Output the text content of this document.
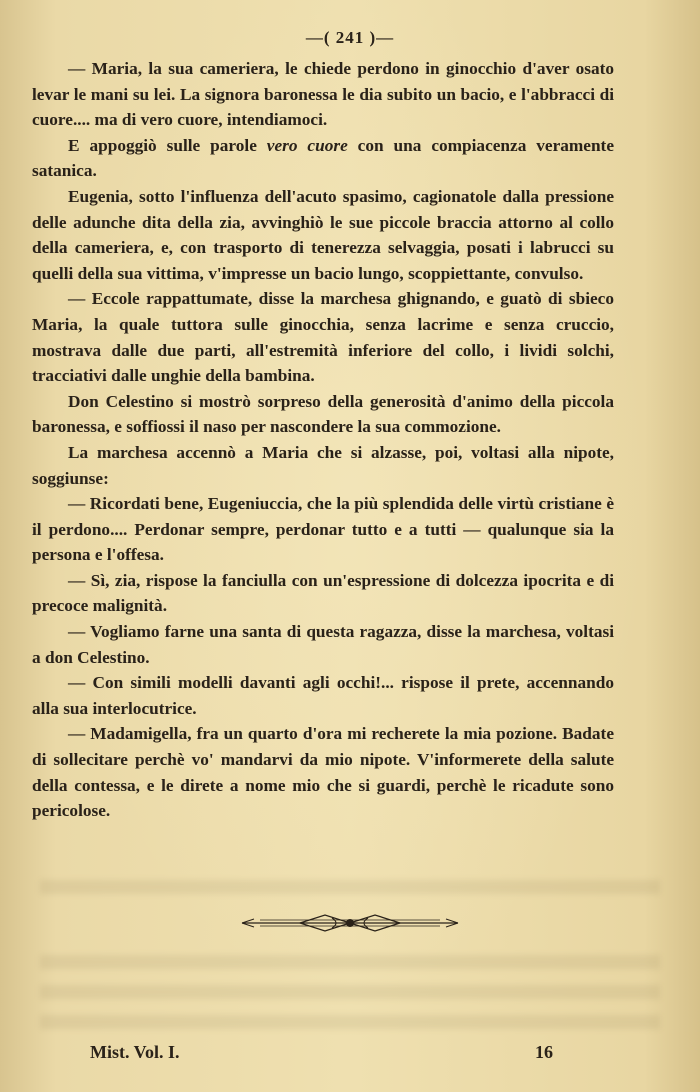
—( 241 )—

— Maria, la sua cameriera, le chiede perdono in ginocchio d'aver osato levar le mani su lei. La signora baronessa le dia subito un bacio, e l'abbracci di cuore.... ma di vero cuore, intendiamoci.

E appoggiò sulle parole vero cuore con una compiacenza veramente satanica.

Eugenia, sotto l'influenza dell'acuto spasimo, cagionatole dalla pressione delle adunche dita della zia, avvinghiò le sue piccole braccia attorno al collo della cameriera, e, con trasporto di tenerezza selvaggia, posati i labrucci su quelli della sua vittima, v'impresse un bacio lungo, scoppiettante, convulso.

— Eccole rappattumate, disse la marchesa ghignando, e guatò di sbieco Maria, la quale tuttora sulle ginocchia, senza lacrime e senza cruccio, mostrava dalle due parti, all'estremità inferiore del collo, i lividi solchi, tracciativi dalle unghie della bambina.

Don Celestino si mostrò sorpreso della generosità d'animo della piccola baronessa, e soffiossi il naso per nascondere la sua commozione.

La marchesa accennò a Maria che si alzasse, poi, voltasi alla nipote, soggiunse:

— Ricordati bene, Eugeniuccia, che la più splendida delle virtù cristiane è il perdono.... Perdonar sempre, perdonar tutto e a tutti — qualunque sia la persona e l'offesa.

— Sì, zia, rispose la fanciulla con un'espressione di dolcezza ipocrita e di precoce malignità.

— Vogliamo farne una santa di questa ragazza, disse la marchesa, voltasi a don Celestino.

— Con simili modelli davanti agli occhi!... rispose il prete, accennando alla sua interlocutrice.

— Madamigella, fra un quarto d'ora mi recherete la mia pozione. Badate di sollecitare perchè vo' mandarvi da mio nipote. V'informerete della salute della contessa, e le direte a nome mio che si guardi, perchè le ricadute sono pericolose.

Mist. Vol. I.	16
